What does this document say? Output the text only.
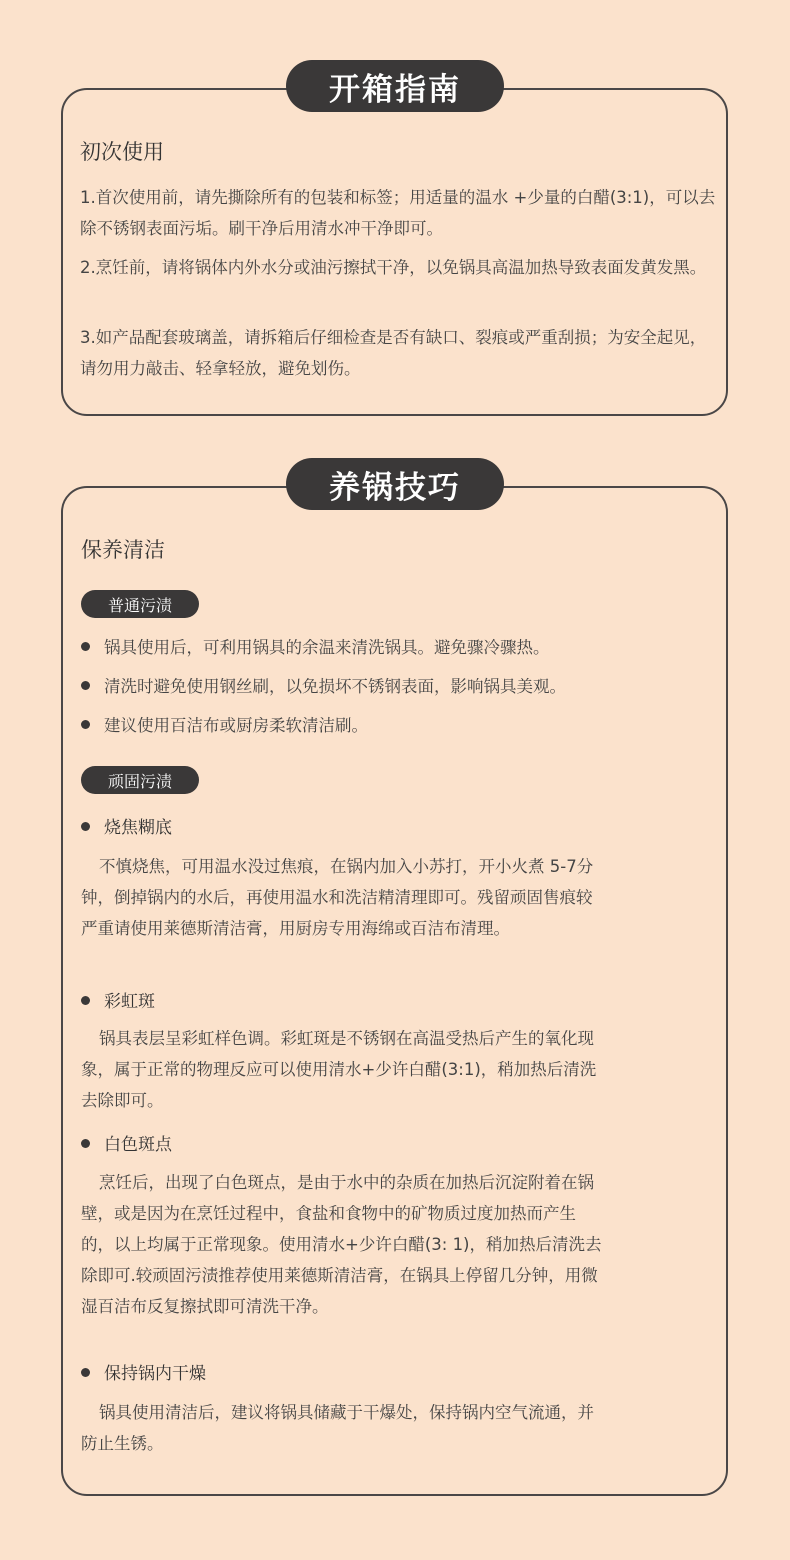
开箱指南
初次使用
1.首次使用前，请先撕除所有的包装和标签；用适量的温水 +少量的白醋(3:1)，可以去除不锈钢表面污垢。刷干净后用清水冲干净即可。
2.烹饪前，请将锅体内外水分或油污擦拭干净，以免锅具高温加热导致表面发黄发黑。
3.如产品配套玻璃盖，请拆箱后仔细检查是否有缺口、裂痕或严重刮损；为安全起见，请勿用力敲击、轻拿轻放，避免划伤。
养锅技巧
保养清洁
普通污渍
锅具使用后，可利用锅具的余温来清洗锅具。避免骤冷骤热。
清洗时避免使用钢丝刷，以免损坏不锈钢表面，影响锅具美观。
建议使用百洁布或厨房柔软清洁刷。
顽固污渍
烧焦糊底
不慎烧焦，可用温水没过焦痕，在锅内加入小苏打，开小火煮 5-7分钟，倒掉锅内的水后，再使用温水和洗洁精清理即可。残留顽固售痕较严重请使用莱德斯清洁膏，用厨房专用海绵或百洁布清理。
彩虹斑
锅具表层呈彩虹样色调。彩虹斑是不锈钢在高温受热后产生的氧化现象，属于正常的物理反应可以使用清水+少许白醋(3:1)，稍加热后清洗去除即可。
白色斑点
烹饪后，出现了白色斑点，是由于水中的杂质在加热后沉淀附着在锅壁，或是因为在烹饪过程中，食盐和食物中的矿物质过度加热而产生的，以上均属于正常现象。使用清水+少许白醋(3: 1)，稍加热后清洗去除即可.较顽固污渍推荐使用莱德斯清洁膏，在锅具上停留几分钟，用微湿百洁布反复擦拭即可清洗干净。
保持锅内干燥
锅具使用清洁后，建议将锅具储藏于干爆处，保持锅内空气流通，并防止生锈。
